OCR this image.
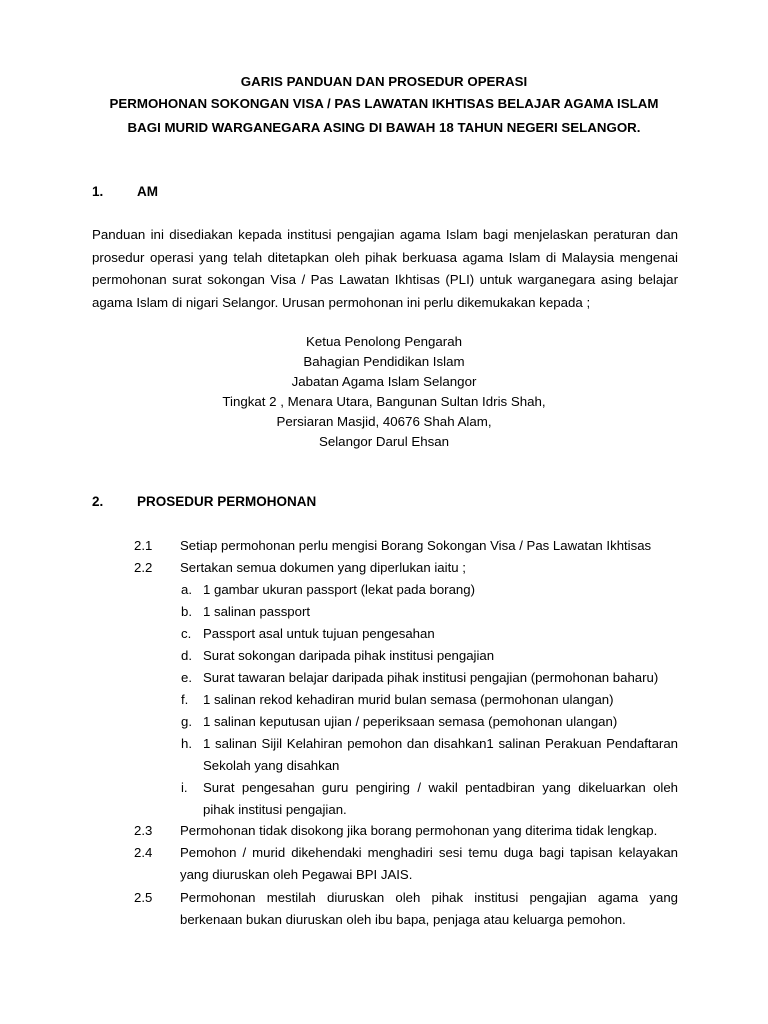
GARIS PANDUAN DAN PROSEDUR OPERASI
PERMOHONAN SOKONGAN VISA / PAS LAWATAN IKHTISAS BELAJAR AGAMA ISLAM
BAGI MURID WARGANEGARA ASING DI BAWAH 18 TAHUN NEGERI SELANGOR.
1. AM
Panduan ini disediakan kepada institusi pengajian agama Islam bagi menjelaskan peraturan dan prosedur operasi yang telah ditetapkan oleh pihak berkuasa agama Islam di Malaysia mengenai permohonan surat sokongan Visa / Pas Lawatan Ikhtisas (PLI) untuk warganegara asing belajar agama Islam di nigari Selangor. Urusan permohonan ini perlu dikemukakan kepada ;
Ketua Penolong Pengarah
Bahagian Pendidikan Islam
Jabatan Agama Islam Selangor
Tingkat 2 , Menara Utara, Bangunan Sultan Idris Shah,
Persiaran Masjid, 40676 Shah Alam,
Selangor Darul Ehsan
2. PROSEDUR PERMOHONAN
2.1 Setiap permohonan perlu mengisi Borang Sokongan Visa / Pas Lawatan Ikhtisas
2.2 Sertakan semua dokumen yang diperlukan iaitu ;
a. 1 gambar ukuran passport (lekat pada borang)
b. 1 salinan passport
c. Passport asal untuk tujuan pengesahan
d. Surat sokongan daripada pihak institusi pengajian
e. Surat tawaran belajar daripada pihak institusi pengajian (permohonan baharu)
f. 1 salinan rekod kehadiran murid bulan semasa (permohonan ulangan)
g. 1 salinan keputusan ujian / peperiksaan semasa (pemohonan ulangan)
h. 1 salinan Sijil Kelahiran pemohon dan disahkan1 salinan Perakuan Pendaftaran Sekolah yang disahkan
i. Surat pengesahan guru pengiring / wakil pentadbiran yang dikeluarkan oleh pihak institusi pengajian.
2.3 Permohonan tidak disokong jika borang permohonan yang diterima tidak lengkap.
2.4 Pemohon / murid dikehendaki menghadiri sesi temu duga bagi tapisan kelayakan yang diuruskan oleh Pegawai BPI JAIS.
2.5 Permohonan mestilah diuruskan oleh pihak institusi pengajian agama yang berkenaan bukan diuruskan oleh ibu bapa, penjaga atau keluarga pemohon.
